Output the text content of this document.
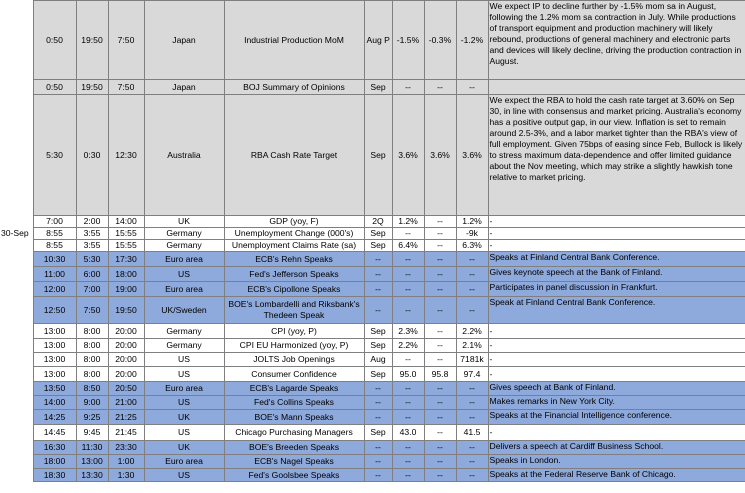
	0:50	19:50	7:50	Japan	Industrial Production MoM	Aug P	-1.5%	-0.3%	-1.2%	We expect IP to decline further by -1.5% mom sa in August, following the 1.2% mom sa contraction in July. While productions of transport equipment and production machinery will likely rebound, productions of general machinery and electronic parts and devices will likely decline, driving the production contraction in August.
	0:50	19:50	7:50	Japan	BOJ Summary of Opinions	Sep	--	--	--	
	5:30	0:30	12:30	Australia	RBA Cash Rate Target	Sep	3.6%	3.6%	3.6%	We expect the RBA to hold the cash rate target at 3.60% on Sep 30, in line with consensus and market pricing. Australia's economy has a positive output gap, in our view. Inflation is set to remain around 2.5-3%, and a labor market tighter than the RBA's view of full employment. Given 75bps of easing since Feb, Bullock is likely to stress maximum data-dependence and offer limited guidance about the Nov meeting, which may strike a slightly hawkish tone relative to market pricing.
	7:00	2:00	14:00	UK	GDP (yoy, F)	2Q	1.2%	--	1.2%	-
30-Sep	8:55	3:55	15:55	Germany	Unemployment Change (000's)	Sep	--	--	-9k	-
	8:55	3:55	15:55	Germany	Unemployment Claims Rate (sa)	Sep	6.4%	--	6.3%	-
	10:30	5:30	17:30	Euro area	ECB's Rehn Speaks	--	--	--	--	Speaks at Finland Central Bank Conference.
	11:00	6:00	18:00	US	Fed's Jefferson Speaks	--	--	--	--	Gives keynote speech at the Bank of Finland.
	12:00	7:00	19:00	Euro area	ECB's Cipollone Speaks	--	--	--	--	Participates in panel discussion in Frankfurt.
	12:50	7:50	19:50	UK/Sweden	BOE's Lombardelli and Riksbank's Thedeen Speak	--	--	--	--	Speak at Finland Central Bank Conference.
	13:00	8:00	20:00	Germany	CPI (yoy, P)	Sep	2.3%	--	2.2%	-
	13:00	8:00	20:00	Germany	CPI EU Harmonized (yoy, P)	Sep	2.2%	--	2.1%	-
	13:00	8:00	20:00	US	JOLTS Job Openings	Aug	--	--	7181k	-
	13:00	8:00	20:00	US	Consumer Confidence	Sep	95.0	95.8	97.4	-
	13:50	8:50	20:50	Euro area	ECB's Lagarde Speaks	--	--	--	--	Gives speech at Bank of Finland.
	14:00	9:00	21:00	US	Fed's Collins Speaks	--	--	--	--	Makes remarks in New York City.
	14:25	9:25	21:25	UK	BOE's Mann Speaks	--	--	--	--	Speaks at the Financial Intelligence conference.
	14:45	9:45	21:45	US	Chicago Purchasing Managers	Sep	43.0	--	41.5	-
	16:30	11:30	23:30	UK	BOE's Breeden Speaks	--	--	--	--	Delivers a speech at Cardiff Business School.
	18:00	13:00	1:00	Euro area	ECB's Nagel Speaks	--	--	--	--	Speaks in London.
	18:30	13:30	1:30	US	Fed's Goolsbee Speaks	--	--	--	--	Speaks at the Federal Reserve Bank of Chicago.
